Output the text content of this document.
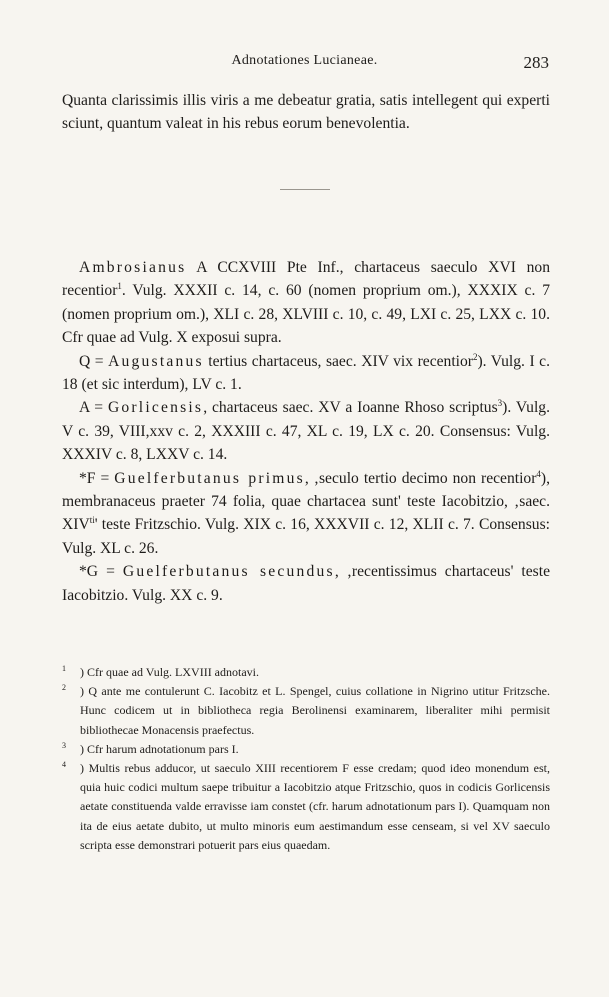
Adnotationes Lucianeae.	283

Quanta clarissimis illis viris a me debeatur gratia, satis intellegent qui experti sciunt, quantum valeat in his rebus eorum benevolentia.

Ambrosianus A CCXVIII Pte Inf., chartaceus saeculo XVI non recentior$^1$. Vulg. XXXII c. 14, c. 60 (nomen proprium om.), XXXIX c. 7 (nomen proprium om.), XLI c. 28, XLVIII c. 10, c. 49, LXI c. 25, LXX c. 10. Cfr quae ad Vulg. X exposui supra.

Q = Augustanus tertius chartaceus, saec. XIV vix recentior$^2$). Vulg. I c. 18 (et sic interdum), LV c. 1.

A = Gorlicensis, chartaceus saec. XV a Ioanne Rhoso scriptus$^3$). Vulg. V c. 39, VIII,xxv c. 2, XXXIII c. 47, XL c. 19, LX c. 20. Consensus: Vulg. XXXIV c. 8, LXXV c. 14.

*F = Guelferbutanus primus, ‚seculo tertio decimo non recentior$^4$), membranaceus praeter 74 folia, quae chartacea sunt' teste Iacobitzio, ‚saec. $XIV^{ti}'$ teste Fritzschio. Vulg. XIX c. 16, XXXVII c. 12, XLII c. 7. Consensus: Vulg. XL c. 26.

*G = Guelferbutanus secundus, ‚recentissimus chartaceus' teste Iacobitzio. Vulg. XX c. 9.

$^1$ ) Cfr quae ad Vulg. LXVIII adnotavi.

$^2$ ) Q ante me contulerunt C. Iacobitz et L. Spengel, cuius collatione in Nigrino utitur Fritzsche. Hunc codicem ut in bibliotheca regia Berolinensi examinarem, liberaliter mihi permisit bibliothecae Monacensis praefectus.

$^3$ ) Cfr harum adnotationum pars I.

$^4$ ) Multis rebus adducor, ut saeculo XIII recentiorem F esse credam; quod ideo monendum est, quia huic codici multum saepe tribuitur a Iacobitzio atque Fritzschio, quos in codicis Gorlicensis aetate constituenda valde erravisse iam constet (cfr. harum adnotationum pars I). Quamquam non ita de eius aetate dubito, ut multo minoris eum aestimandum esse censeam, si vel XV saeculo scripta esse demonstrari potuerit pars eius quaedam.
